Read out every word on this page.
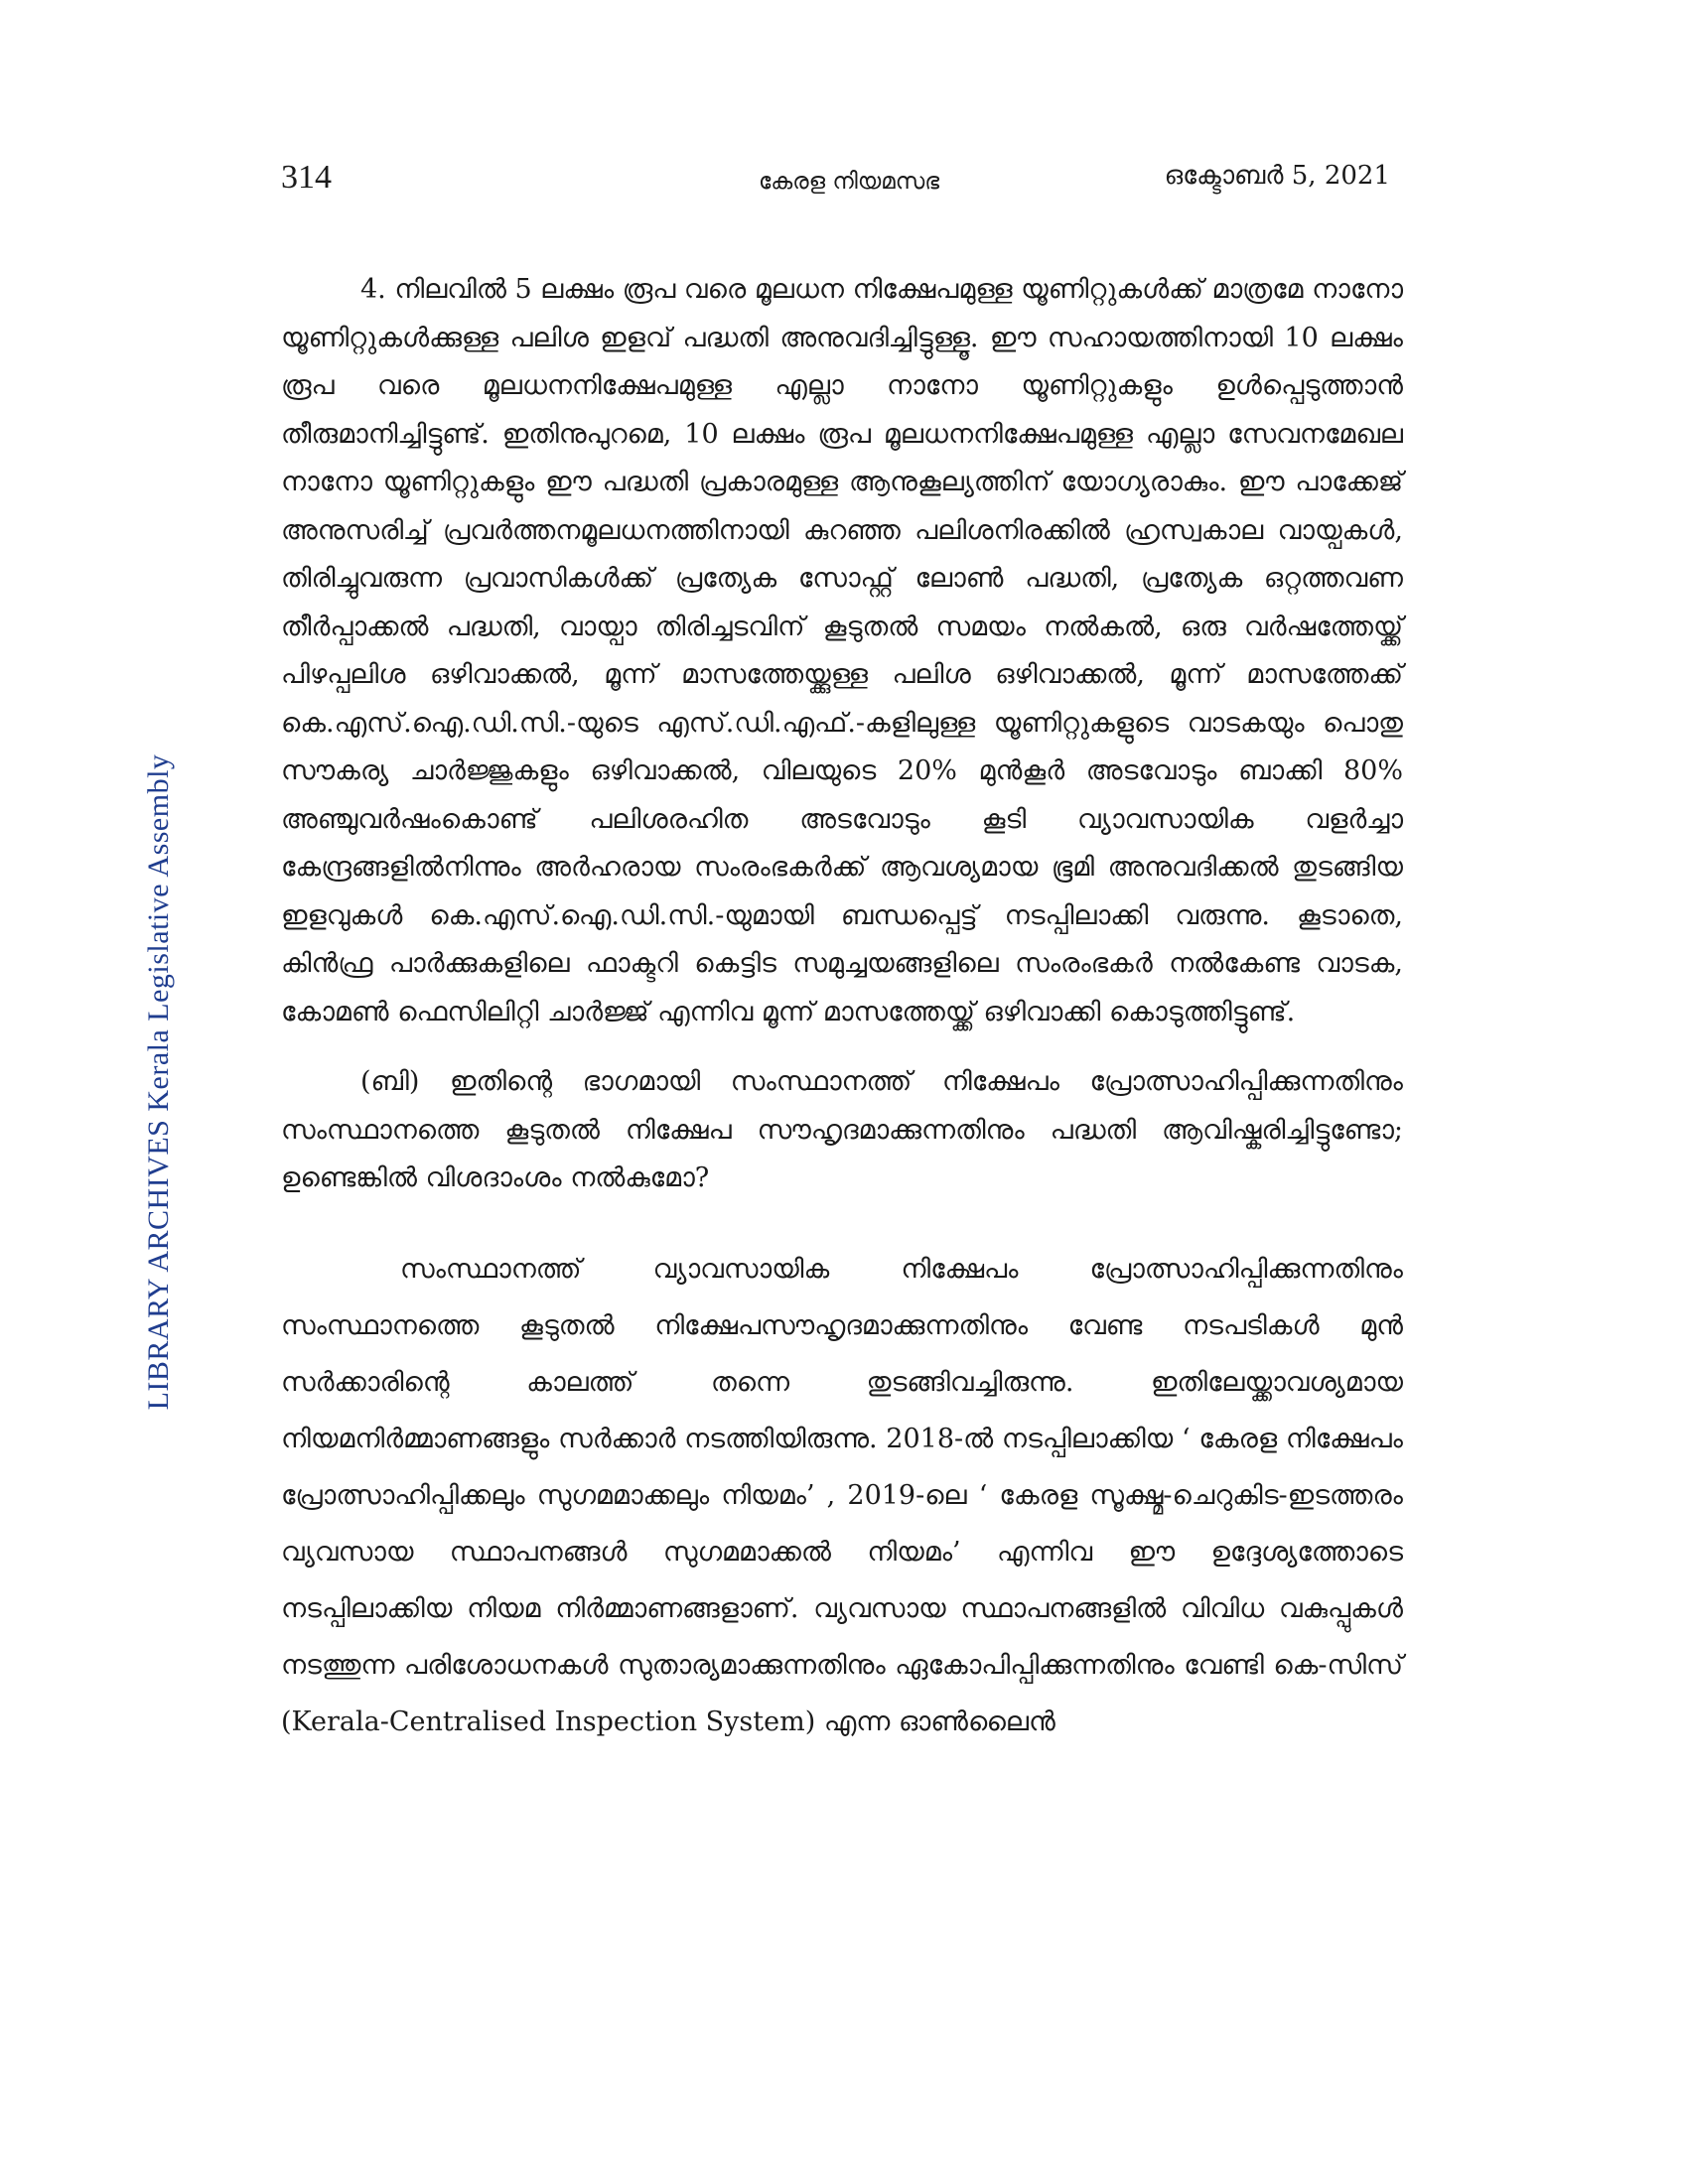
314	കേരള നിയമസഭ	ഒക്ടോബർ 5, 2021
LIBRARY ARCHIVES Kerala Legislative Assembly

4. നിലവിൽ 5 ലക്ഷം രൂപ വരെ മൂലധന നിക്ഷേപമുള്ള യൂണിറ്റുകൾക്ക് മാത്രമേ നാനോ യൂണിറ്റുകൾക്കുള്ള പലിശ ഇളവ് പദ്ധതി അനുവദിച്ചിട്ടുള്ളൂ. ഈ സഹായത്തിനായി 10 ലക്ഷം രൂപ വരെ മൂലധനനിക്ഷേപമുള്ള എല്ലാ നാനോ യൂണിറ്റുകളും ഉൾപ്പെടുത്താൻ തീരുമാനിച്ചിട്ടുണ്ട്. ഇതിനുപുറമെ, 10 ലക്ഷം രൂപ മൂലധനനിക്ഷേപമുള്ള എല്ലാ സേവനമേഖല നാനോ യൂണിറ്റുകളും ഈ പദ്ധതി പ്രകാരമുള്ള ആനുകൂല്യത്തിന് യോഗ്യരാകും. ഈ പാക്കേജ് അനുസരിച്ച് പ്രവർത്തനമൂലധനത്തിനായി കുറഞ്ഞ പലിശനിരക്കിൽ ഹ്രസ്വകാല വായ്പകൾ, തിരിച്ചുവരുന്ന പ്രവാസികൾക്ക് പ്രത്യേക സോഫ്റ്റ് ലോൺ പദ്ധതി, പ്രത്യേക ഒറ്റത്തവണ തീർപ്പാക്കൽ പദ്ധതി, വായ്പാ തിരിച്ചടവിന് കൂടുതൽ സമയം നൽകൽ, ഒരു വർഷത്തേയ്ക്ക് പിഴപ്പലിശ ഒഴിവാക്കൽ, മൂന്ന് മാസത്തേയ്ക്കുള്ള പലിശ ഒഴിവാക്കൽ, മൂന്ന് മാസത്തേക്ക് കെ.എസ്.ഐ.ഡി.സി.-യുടെ എസ്.ഡി.എഫ്.-കളിലുള്ള യൂണിറ്റുകളുടെ വാടകയും പൊതു സൗകര്യ ചാർജ്ജുകളും ഒഴിവാക്കൽ, വിലയുടെ 20% മുൻകൂർ അടവോടും ബാക്കി 80% അഞ്ചുവർഷംകൊണ്ട് പലിശരഹിത അടവോടും കൂടി വ്യാവസായിക വളർച്ചാ കേന്ദ്രങ്ങളിൽനിന്നും അർഹരായ സംരംഭകർക്ക് ആവശ്യമായ ഭൂമി അനുവദിക്കൽ തുടങ്ങിയ ഇളവുകൾ കെ.എസ്.ഐ.ഡി.സി.-യുമായി ബന്ധപ്പെട്ട് നടപ്പിലാക്കി വരുന്നു. കൂടാതെ, കിൻഫ്ര പാർക്കുകളിലെ ഫാക്ടറി കെട്ടിട സമുച്ചയങ്ങളിലെ സംരംഭകർ നൽകേണ്ട വാടക, കോമൺ ഫെസിലിറ്റി ചാർജ്ജ് എന്നിവ മൂന്ന് മാസത്തേയ്ക്ക് ഒഴിവാക്കി കൊടുത്തിട്ടുണ്ട്.

(ബി) ഇതിന്റെ ഭാഗമായി സംസ്ഥാനത്ത് നിക്ഷേപം പ്രോത്സാഹിപ്പിക്കുന്നതിനും സംസ്ഥാനത്തെ കൂടുതൽ നിക്ഷേപ സൗഹൃദമാക്കുന്നതിനും പദ്ധതി ആവിഷ്കരിച്ചിട്ടുണ്ടോ; ഉണ്ടെങ്കിൽ വിശദാംശം നൽകുമോ?

സംസ്ഥാനത്ത് വ്യാവസായിക നിക്ഷേപം പ്രോത്സാഹിപ്പിക്കുന്നതിനും സംസ്ഥാനത്തെ കൂടുതൽ നിക്ഷേപസൗഹൃദമാക്കുന്നതിനും വേണ്ട നടപടികൾ മുൻ സർക്കാരിന്റെ കാലത്ത് തന്നെ തുടങ്ങിവച്ചിരുന്നു. ഇതിലേയ്ക്കാവശ്യമായ നിയമനിർമ്മാണങ്ങളും സർക്കാർ നടത്തിയിരുന്നു. 2018-ൽ നടപ്പിലാക്കിയ ‘ കേരള നിക്ഷേപം പ്രോത്സാഹിപ്പിക്കലും സുഗമമാക്കലും നിയമം’ , 2019-ലെ ‘ കേരള സൂക്ഷ്മ-ചെറുകിട-ഇടത്തരം വ്യവസായ സ്ഥാപനങ്ങൾ സുഗമമാക്കൽ നിയമം’ എന്നിവ ഈ ഉദ്ദേശ്യത്തോടെ നടപ്പിലാക്കിയ നിയമ നിർമ്മാണങ്ങളാണ്. വ്യവസായ സ്ഥാപനങ്ങളിൽ വിവിധ വകുപ്പുകൾ നടത്തുന്ന പരിശോധനകൾ സുതാര്യമാക്കുന്നതിനും ഏകോപിപ്പിക്കുന്നതിനും വേണ്ടി കെ-സിസ് (Kerala-Centralised Inspection System) എന്ന ഓൺലൈൻ
